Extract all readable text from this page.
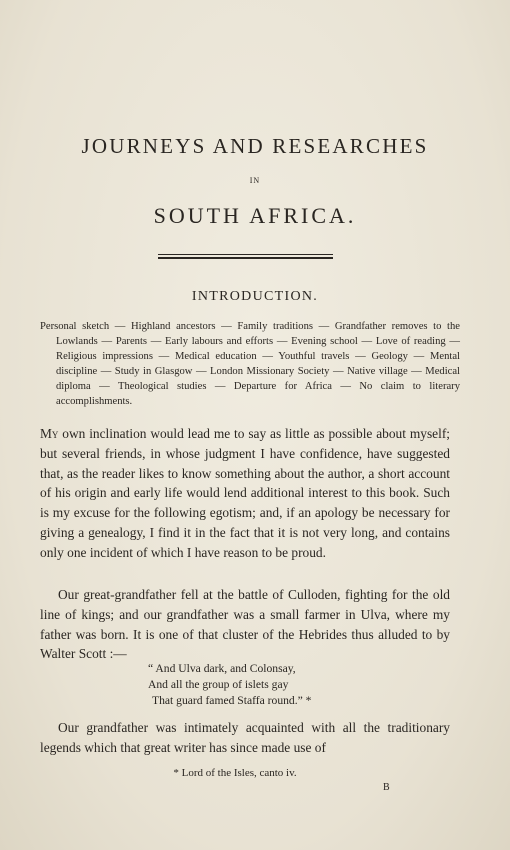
JOURNEYS AND RESEARCHES
IN
SOUTH AFRICA.
INTRODUCTION.
Personal sketch — Highland ancestors — Family traditions — Grandfather removes to the Lowlands — Parents — Early labours and efforts — Evening school — Love of reading — Religious impressions — Medical education — Youthful travels — Geology — Mental discipline — Study in Glasgow — London Missionary Society — Native village — Medical diploma — Theological studies — Departure for Africa — No claim to literary accomplishments.
My own inclination would lead me to say as little as possible about myself; but several friends, in whose judgment I have confidence, have suggested that, as the reader likes to know something about the author, a short account of his origin and early life would lend additional interest to this book. Such is my excuse for the following egotism; and, if an apology be necessary for giving a genealogy, I find it in the fact that it is not very long, and contains only one incident of which I have reason to be proud.
Our great-grandfather fell at the battle of Culloden, fighting for the old line of kings; and our grandfather was a small farmer in Ulva, where my father was born. It is one of that cluster of the Hebrides thus alluded to by Walter Scott :—
“ And Ulva dark, and Colonsay,
And all the group of islets gay
That guard famed Staffa round.” *
Our grandfather was intimately acquainted with all the traditionary legends which that great writer has since made use of
* Lord of the Isles, canto iv.
B
